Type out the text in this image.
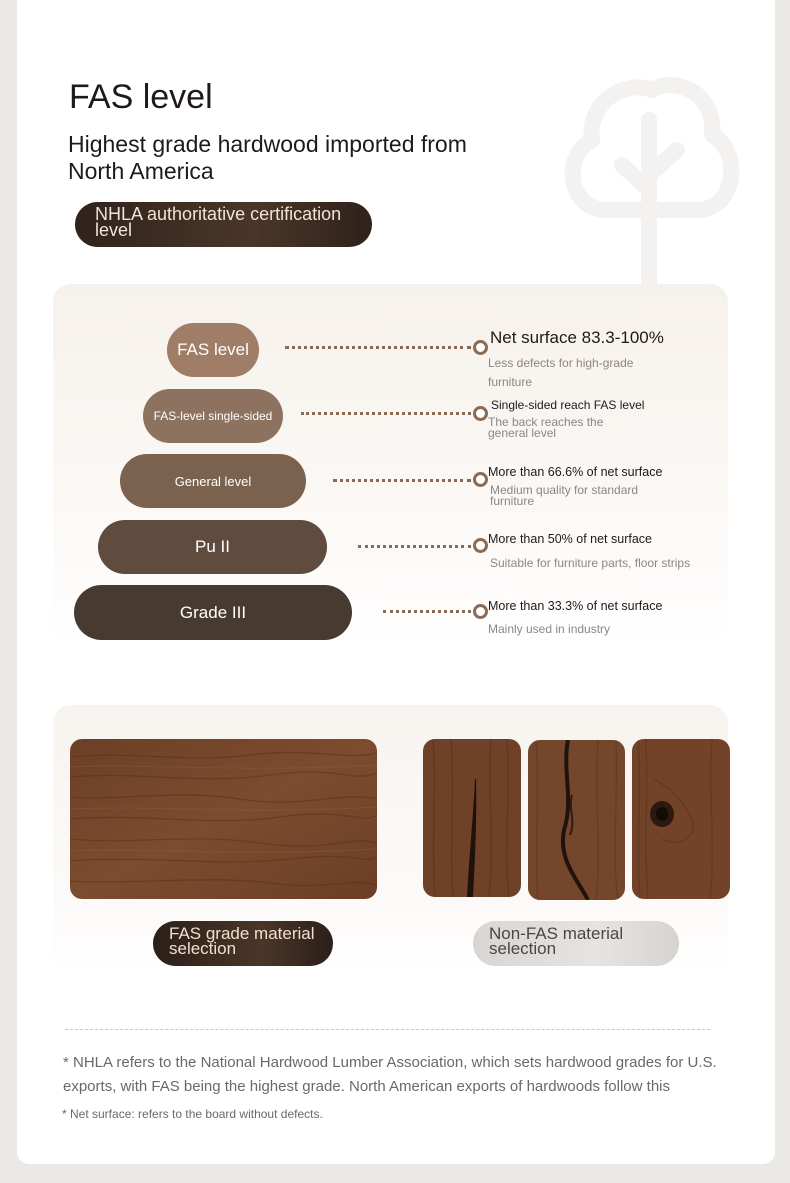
FAS level
Highest grade hardwood imported from North America
NHLA authoritative certification level
FAS level
Net surface 83.3-100%
Less defects for high-grade furniture
FAS-level single-sided
Single-sided reach FAS level
The back reaches the general level
General level
More than 66.6% of net surface
Medium quality for standard furniture
Pu II	More than 50% of net surface
Suitable for furniture parts, floor strips
Grade III	More than 33.3% of net surface
Mainly used in industry
FAS grade material selection
Non-FAS material selection
* NHLA refers to the National Hardwood Lumber Association, which sets hardwood grades for U.S. exports, with FAS being the highest grade. North American exports of hardwoods follow this
* Net surface: refers to the board without defects.
